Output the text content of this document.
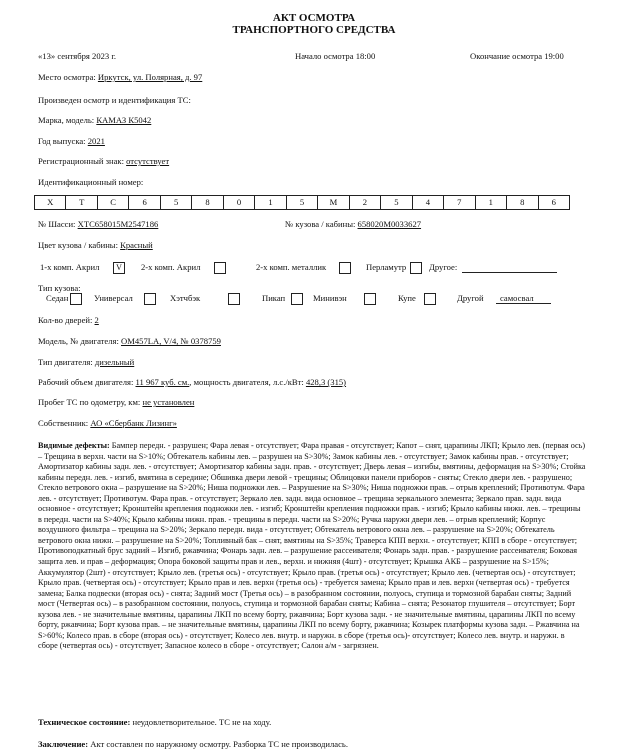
АКТ ОСМОТРА
ТРАНСПОРТНОГО СРЕДСТВА
«13» сентября 2023 г.	Начало осмотра 18:00	Окончание осмотра 19:00
Место осмотра: Иркутск, ул. Полярная, д. 97
Произведен осмотр и идентификация ТС:
Марка, модель: КАМАЗ К5042
Год выпуска: 2021
Регистрационный знак: отсутствует
Идентификационный номер:
Х	Т	С	6	5	8	0	1	5	М	2	5	4	7	1	8	6
№ Шасси: ХТС658015М2547186	№ кузова / кабины: 658020М0033627
Цвет кузова / кабины: Красный
1-х комп. Акрил	V	2-х комп. Акрил	2-х комп. металлик	Перламутр	Другое:
Тип кузова:
Седан	Универсал	Хэтчбэк	Пикап	Минивэн	Купе	Другой самосвал
Кол-во дверей: 2
Модель, № двигателя: ОМ457LA, V/4, № 0378759
Тип двигателя: дизельный
Рабочий объем двигателя: 11 967 куб. см., мощность двигателя, л.с./кВт: 428,3 (315)
Пробег ТС по одометру, км: не установлен
Собственник: АО «Сбербанк Лизинг»
Видимые дефекты: Бампер передн. - разрушен; Фара левая - отсутствует; Фара правая - отсутствует; Капот – снят, царапины ЛКП; Крыло лев. (первая ось) – Трещина в верхн. части на S>10%; Обтекатель кабины лев. – разрушен на S>30%; Замок кабины лев. - отсутствует; Замок кабины прав. - отсутствует; Амортизатор кабины задн. лев. - отсутствует; Амортизатор кабины задн. прав. - отсутствует; Дверь левая – изгибы, вмятины, деформация на S>30%; Стойка кабины передн. лев. - изгиб, вмятина в середине; Обшивка двери левой - трещины; Облицовки панели приборов - сняты; Стекло двери лев. - разрушено; Стекло ветрового окна – разрушение на S>20%; Ниша подножки лев. – Разрушение на S>30%; Ниша подножки прав. – отрыв креплений; Противотум. Фара лев. - отсутствует; Противотум. Фара прав. - отсутствует; Зеркало лев. задн. вида основное – трещина зеркального элемента; Зеркало прав. задн. вида основное - отсутствует; Кронштейн крепления подножки лев. - изгиб; Кронштейн крепления подножки прав. - изгиб; Крыло кабины нижн. лев. – трещины в передн. части на S>40%; Крыло кабины нижн. прав. - трещины в передн. части на S>20%; Ручка наружн двери лев. – отрыв креплений; Корпус воздушного фильтра – трещина на S>20%; Зеркало передн. вида - отсутствует; Обтекатель ветрового окна лев. – разрушение на S>20%; Обтекатель ветрового окна нижн. – разрушение на S>20%; Топливный бак – снят, вмятины на S>35%; Траверса КПП верхн. - отсутствует; КПП в сборе - отсутствует; Противоподкатный брус задний – Изгиб, ржавчина; Фонарь задн. лев. – разрушение рассеивателя; Фонарь задн. прав. - разрушение рассеивателя; Боковая защита лев. и прав – деформация; Опора боковой защиты прав и лев., верхн. и нижняя (4шт) - отсутствует; Крышка АКБ – разрушение на S>15%; Аккумулятор (2шт) - отсутствует; Крыло лев. (третья ось) - отсутствует; Крыло прав. (третья ось) - отсутствует; Крыло лев. (четвертая ось) - отсутствует; Крыло прав. (четвертая ось) - отсутствует; Крыло прав и лев. верхн (третья ось) - требуется замена; Крыло прав и лев. верхн (четвертая ось) - требуется замена; Балка подвески (вторая ось) - снята; Задний мост (Третья ось) – в разобранном состоянии, полуось, ступица и тормозной барабан сняты; Задний мост (Четвертая ось) – в разобранном состоянии, полуось, ступица и тормозной барабан сняты; Кабина – снята; Резонатор глушителя – отсутствует; Борт кузова лев. - не значительные вмятины, царапины ЛКП по всему борту, ржавчина; Борт кузова задн. - не значительные вмятины, царапины ЛКП по всему борту, ржавчина; Борт кузова прав. – не значительные вмятины, царапины ЛКП по всему борту, ржавчина; Козырек платформы кузова задн. – Ржавчина на S>60%; Колесо прав. в сборе (вторая ось) - отсутствует; Колесо лев. внутр. и наружн. в сборе (третья ось)- отсутствует; Колесо лев. внутр. и наружн. в сборе (четвертая ось) - отсутствует; Запасное колесо в сборе - отсутствует; Салон а/м - загрязнен.
Техническое состояние: неудовлетворительное. ТС не на ходу.
Заключение: Акт составлен по наружному осмотру. Разборка ТС не производилась.
